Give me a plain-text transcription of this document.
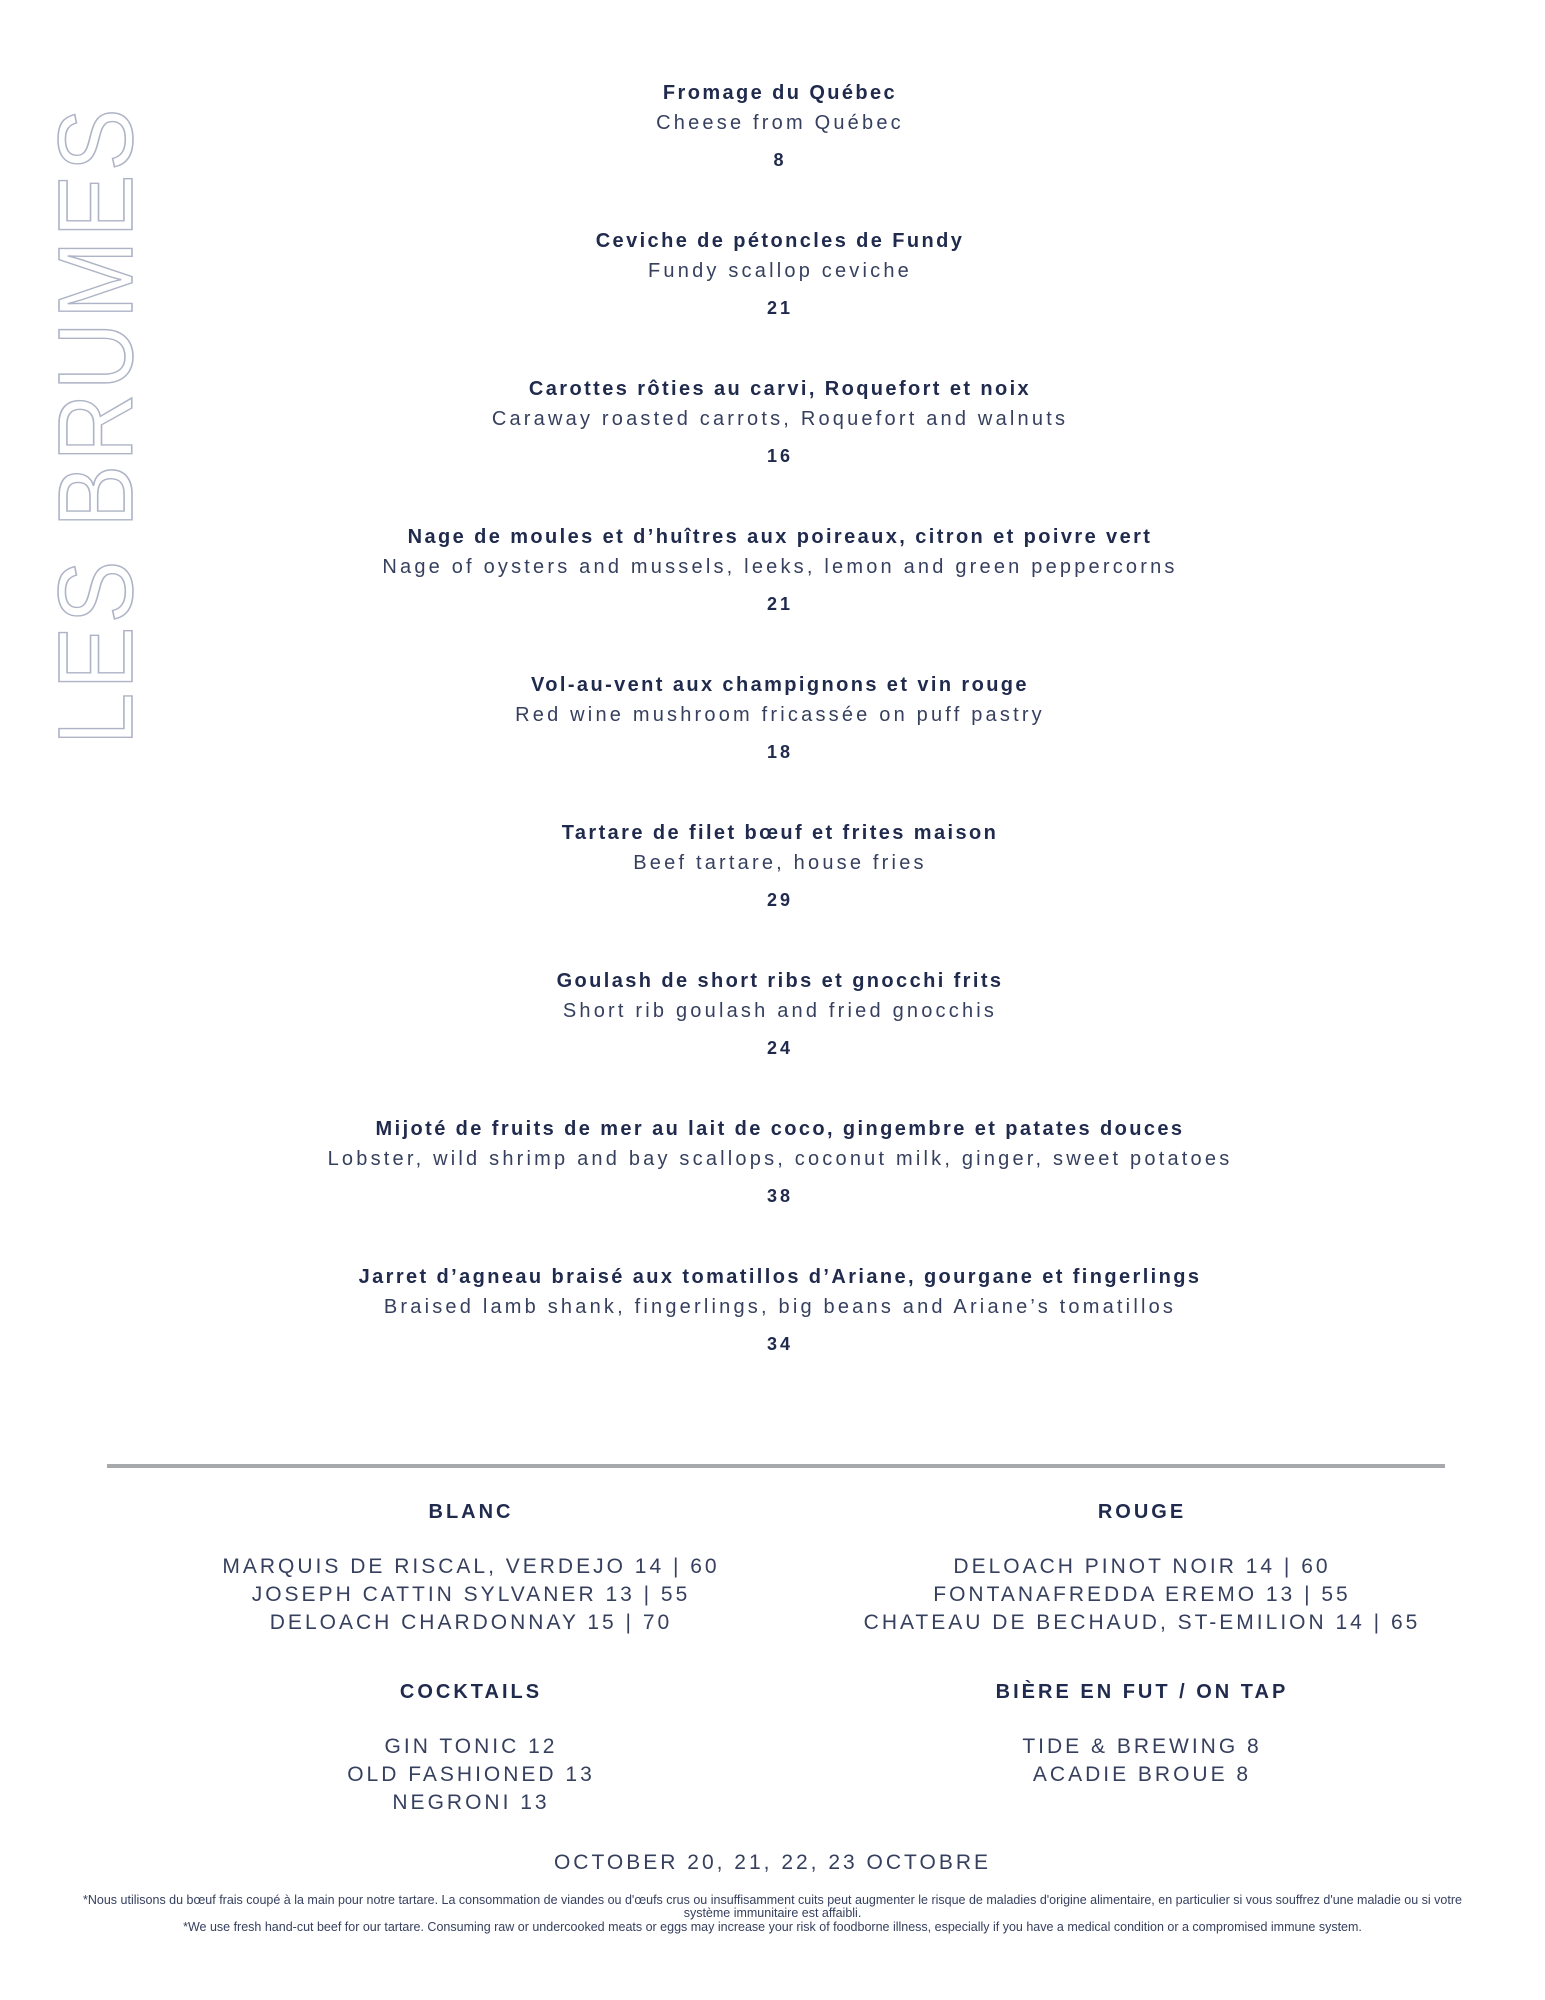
LES BRUMES	Fromage du Québec
Cheese from Québec
8
Ceviche de pétoncles de Fundy
Fundy scallop ceviche
21
Carottes rôties au carvi, Roquefort et noix
Caraway roasted carrots, Roquefort and walnuts
16
Nage de moules et d’huîtres aux poireaux, citron et poivre vert
Nage of oysters and mussels, leeks, lemon and green peppercorns
21
Vol-au-vent aux champignons et vin rouge
Red wine mushroom fricassée on puff pastry
18
Tartare de filet bœuf et frites maison
Beef tartare, house fries
29
Goulash de short ribs et gnocchi frits
Short rib goulash and fried gnocchis
24
Mijoté de fruits de mer au lait de coco, gingembre et patates douces
Lobster, wild shrimp and bay scallops, coconut milk, ginger, sweet potatoes
38
Jarret d’agneau braisé aux tomatillos d’Ariane, gourgane et fingerlings
Braised lamb shank, fingerlings, big beans and Ariane’s tomatillos
34
BLANC
MARQUIS DE RISCAL, VERDEJO 14 | 60
JOSEPH CATTIN SYLVANER 13 | 55
DELOACH CHARDONNAY 15 | 70
ROUGE
DELOACH PINOT NOIR 14 | 60
FONTANAFREDDA EREMO 13 | 55
CHATEAU DE BECHAUD, ST-EMILION 14 | 65
COCKTAILS
GIN TONIC 12
OLD FASHIONED 13
NEGRONI 13
BIÈRE EN FUT / ON TAP
TIDE & BREWING 8
ACADIE BROUE 8
OCTOBER 20, 21, 22, 23 OCTOBRE
*Nous utilisons du bœuf frais coupé à la main pour notre tartare. La consommation de viandes ou d'œufs crus ou insuffisamment cuits peut augmenter le risque de maladies d'origine alimentaire, en particulier si vous souffrez d'une maladie ou si votre système immunitaire est affaibli.
*We use fresh hand-cut beef for our tartare. Consuming raw or undercooked meats or eggs may increase your risk of foodborne illness, especially if you have a medical condition or a compromised immune system.
